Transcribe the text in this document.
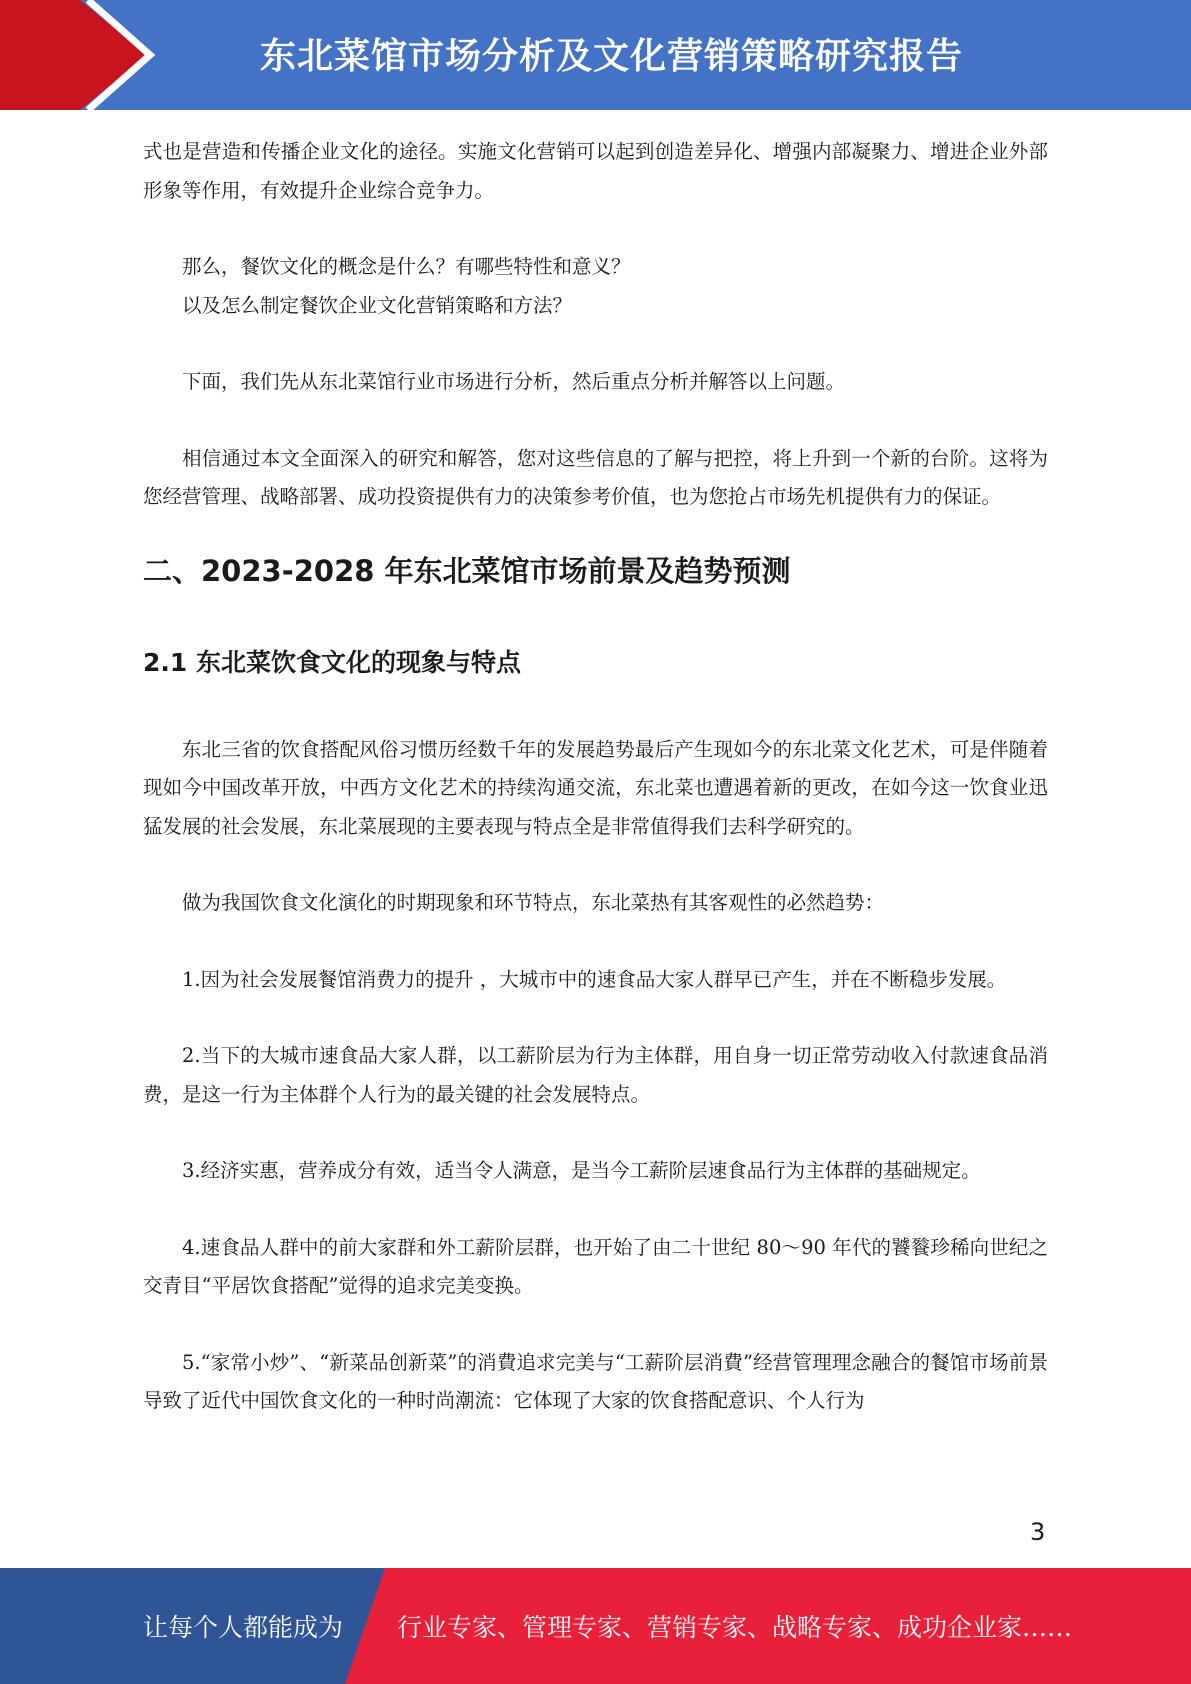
东北菜馆市场分析及文化营销策略研究报告

式也是营造和传播企业文化的途径。实施文化营销可以起到创造差异化、增强内部凝聚力、增进企业外部形象等作用，有效提升企业综合竞争力。

那么，餐饮文化的概念是什么？有哪些特性和意义？

以及怎么制定餐饮企业文化营销策略和方法？

下面，我们先从东北菜馆行业市场进行分析，然后重点分析并解答以上问题。

相信通过本文全面深入的研究和解答，您对这些信息的了解与把控，将上升到一个新的台阶。这将为您经营管理、战略部署、成功投资提供有力的决策参考价值，也为您抢占市场先机提供有力的保证。

二、2023-2028 年东北菜馆市场前景及趋势预测
2.1 东北菜饮食文化的现象与特点

东北三省的饮食搭配风俗习惯历经数千年的发展趋势最后产生现如今的东北菜文化艺术，可是伴随着现如今中国改革开放，中西方文化艺术的持续沟通交流，东北菜也遭遇着新的更改，在如今这一饮食业迅猛发展的社会发展，东北菜展现的主要表现与特点全是非常值得我们去科学研究的。

做为我国饮食文化演化的时期现象和环节特点，东北菜热有其客观性的必然趋势：

1.因为社会发展餐馆消费力的提升 ，大城市中的速食品大家人群早已产生，并在不断稳步发展。

2.当下的大城市速食品大家人群，以工薪阶层为行为主体群，用自身一切正常劳动收入付款速食品消费，是这一行为主体群个人行为的最关键的社会发展特点。

3.经济实惠，营养成分有效，适当令人满意，是当今工薪阶层速食品行为主体群的基础规定。

4.速食品人群中的前大家群和外工薪阶层群，也开始了由二十世纪 80～90 年代的饕餮珍稀向世纪之交青目“平居饮食搭配”觉得的追求完美变换。

5.“家常小炒”、“新菜品创新菜”的消費追求完美与“工薪阶层消費”经营管理理念融合的餐馆市场前景导致了近代中国饮食文化的一种时尚潮流：它体现了大家的饮食搭配意识、个人行为

3
让每个人都能成为 行业专家、管理专家、营销专家、战略专家、成功企业家……
